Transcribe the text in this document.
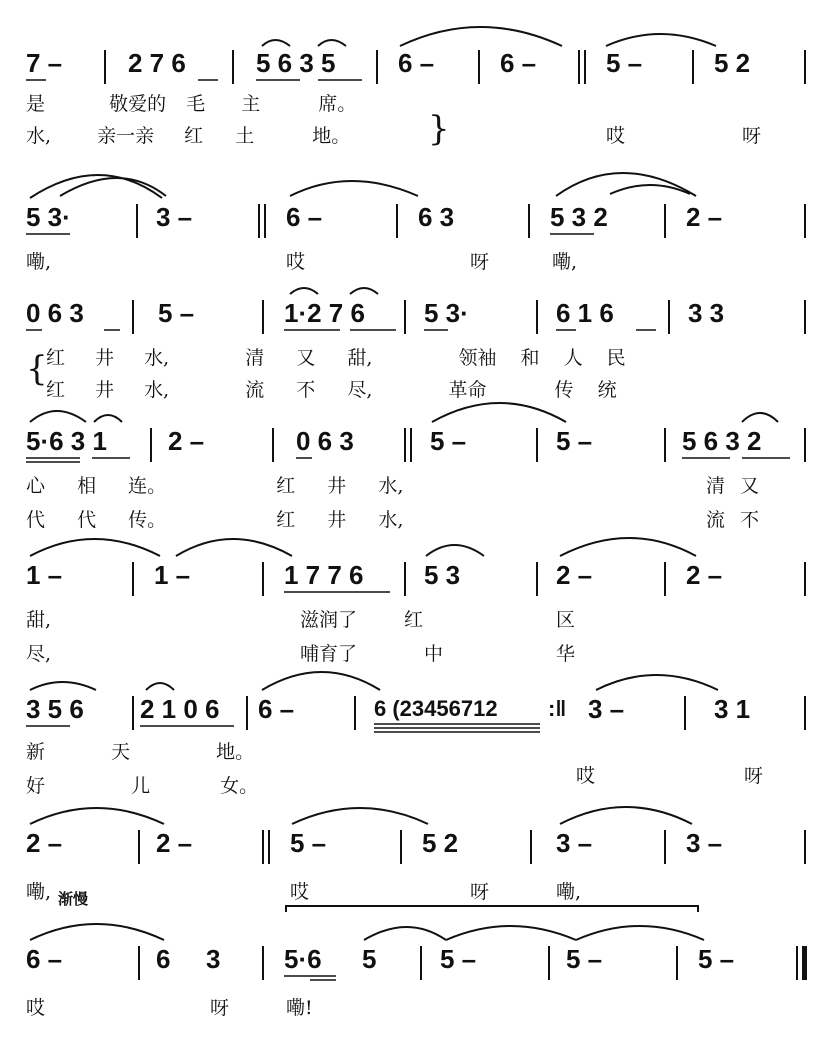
7 –	2 7 6	5 6 3 5 6 –	6 –	5 –	5 2
是	敬爱的 毛 主	席。
水, 亲一亲 红 土	地。 }	哎	呀
5 3·	3 –	6 –	6 3	5 3 2	2 –
嘞,	哎	呀	嘞,
0 6 3	5 –	1·2 7 6 5 3·	6 1 6	3 3
{
红 井 水,	清 又 甜,	领袖 和 人 民
红 井 水,	流 不 尽,	革命	传 统
5·6 3 1 2 –	0 6 3	5 –	5 –	5 6 3 2
心 相 连。	红 井 水,	清 又
代 代 传。	红 井 水,	流 不
1 –	1 –	1 7 7 6 5 3	2 –	2 –
甜,	滋润了 红	区
尽,	哺育了	中	华
3 5 6 2 1 0 6 6 –	6 (23456712 :‖ 3 –	3 1
新	天	地。
好	儿	女。	哎	呀
2 –	2 –	5 –	5 2	3 –	3 –
嘞, 渐慢	哎	呀	嘞,
6 –	6 3 5·6 5 5 –	5 –	5 –
哎	呀	嘞!
